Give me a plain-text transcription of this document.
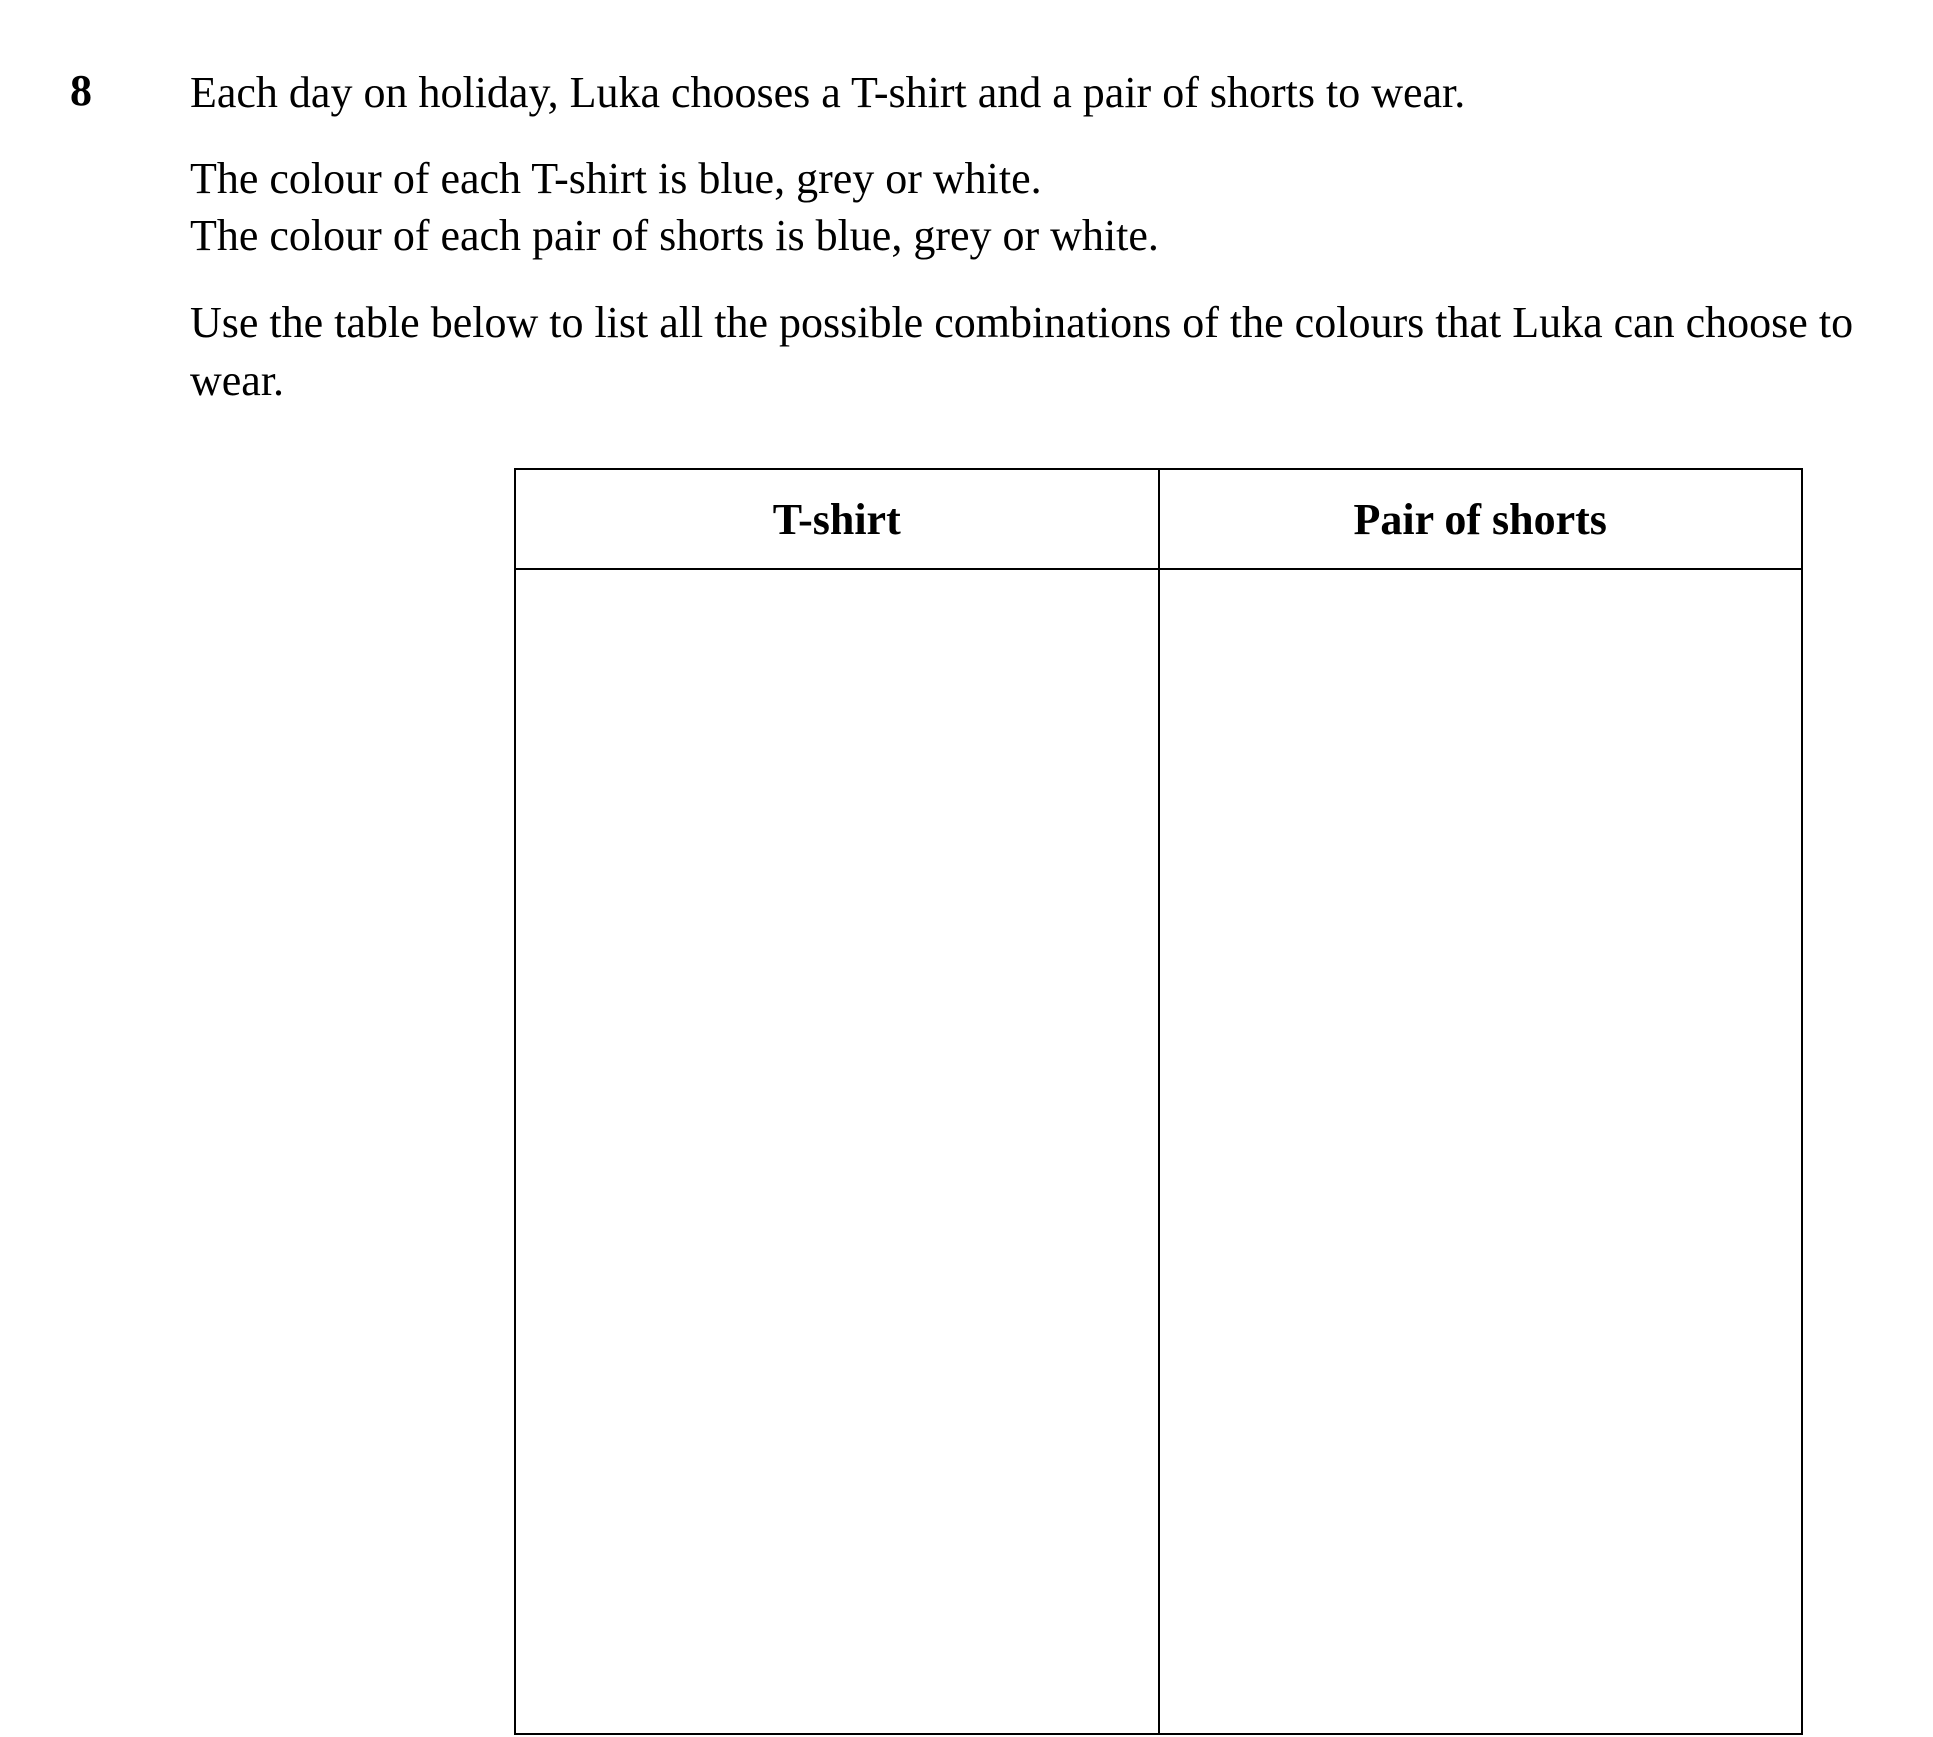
8 Each day on holiday, Luka chooses a T-shirt and a pair of shorts to wear.
The colour of each T-shirt is blue, grey or white.
The colour of each pair of shorts is blue, grey or white.
Use the table below to list all the possible combinations of the colours that Luka can choose to wear.
T-shirt	Pair of shorts
